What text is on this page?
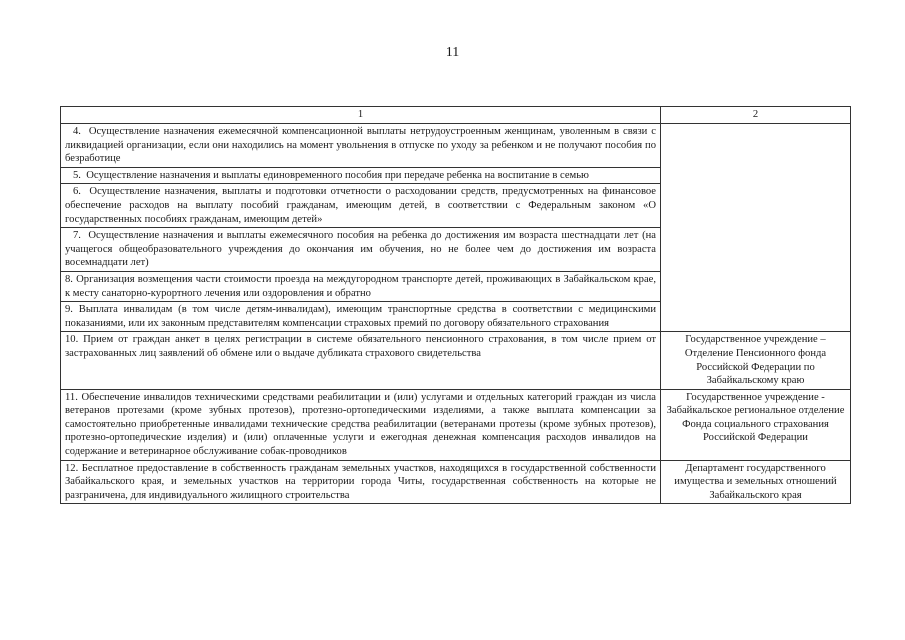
11
1	2
4.  Осуществление назначения ежемесячной компенсационной выплаты нетрудоустроенным женщинам, уволенным в связи с ликвидацией организации, если они находились на момент увольнения в отпуске по уходу за ребенком и не получают пособия по безработице	
5.  Осуществление назначения и выплаты единовременного пособия при передаче ребенка на воспитание в семью	
6.  Осуществление назначения, выплаты и подготовки отчетности о расходовании средств, предусмотренных на финансовое обеспечение расходов на выплату пособий гражданам, имеющим детей, в соответствии с Федеральным законом «О государственных пособиях гражданам, имеющим детей»	
7.  Осуществление назначения и выплаты ежемесячного пособия на ребенка до достижения им возраста шестнадцати лет (на учащегося общеобразовательного учреждения до окончания им обучения, но не более чем до достижения им возраста восемнадцати лет)	
8. Организация возмещения части стоимости проезда на междугородном транспорте детей, проживающих в Забайкальском крае, к месту санаторно-курортного лечения или оздоровления и обратно	
9. Выплата инвалидам (в том числе детям-инвалидам), имеющим транспортные средства в соответствии с медицинскими показаниями, или их законным представителям компенсации страховых премий по договору обязательного страхования	
10. Прием от граждан анкет в целях регистрации в системе обязательного пенсионного страхования, в том числе прием от застрахованных лиц заявлений об обмене или о выдаче дубликата страхового свидетельства	Государственное учреждение – Отделение Пенсионного фонда Российской Федерации по Забайкальскому краю
11. Обеспечение инвалидов техническими средствами реабилитации и (или) услугами и отдельных категорий граждан из числа ветеранов протезами (кроме зубных протезов), протезно-ортопедическими изделиями, а также выплата компенсации за самостоятельно приобретенные инвалидами технические средства реабилитации (ветеранами протезы (кроме зубных протезов), протезно-ортопедические изделия) и (или) оплаченные услуги и ежегодная денежная компенсация расходов инвалидов на содержание и ветеринарное обслуживание собак-проводников	Государственное учреждение - Забайкальское региональное отделение Фонда социального страхования Российской Федерации
12. Бесплатное предоставление в собственность гражданам земельных участков, находящихся в государственной собственности Забайкальского края, и земельных участков на территории города Читы, государственная собственность на которые не разграничена, для индивидуального жилищного строительства	Департамент государственного имущества и земельных отношений Забайкальского края
